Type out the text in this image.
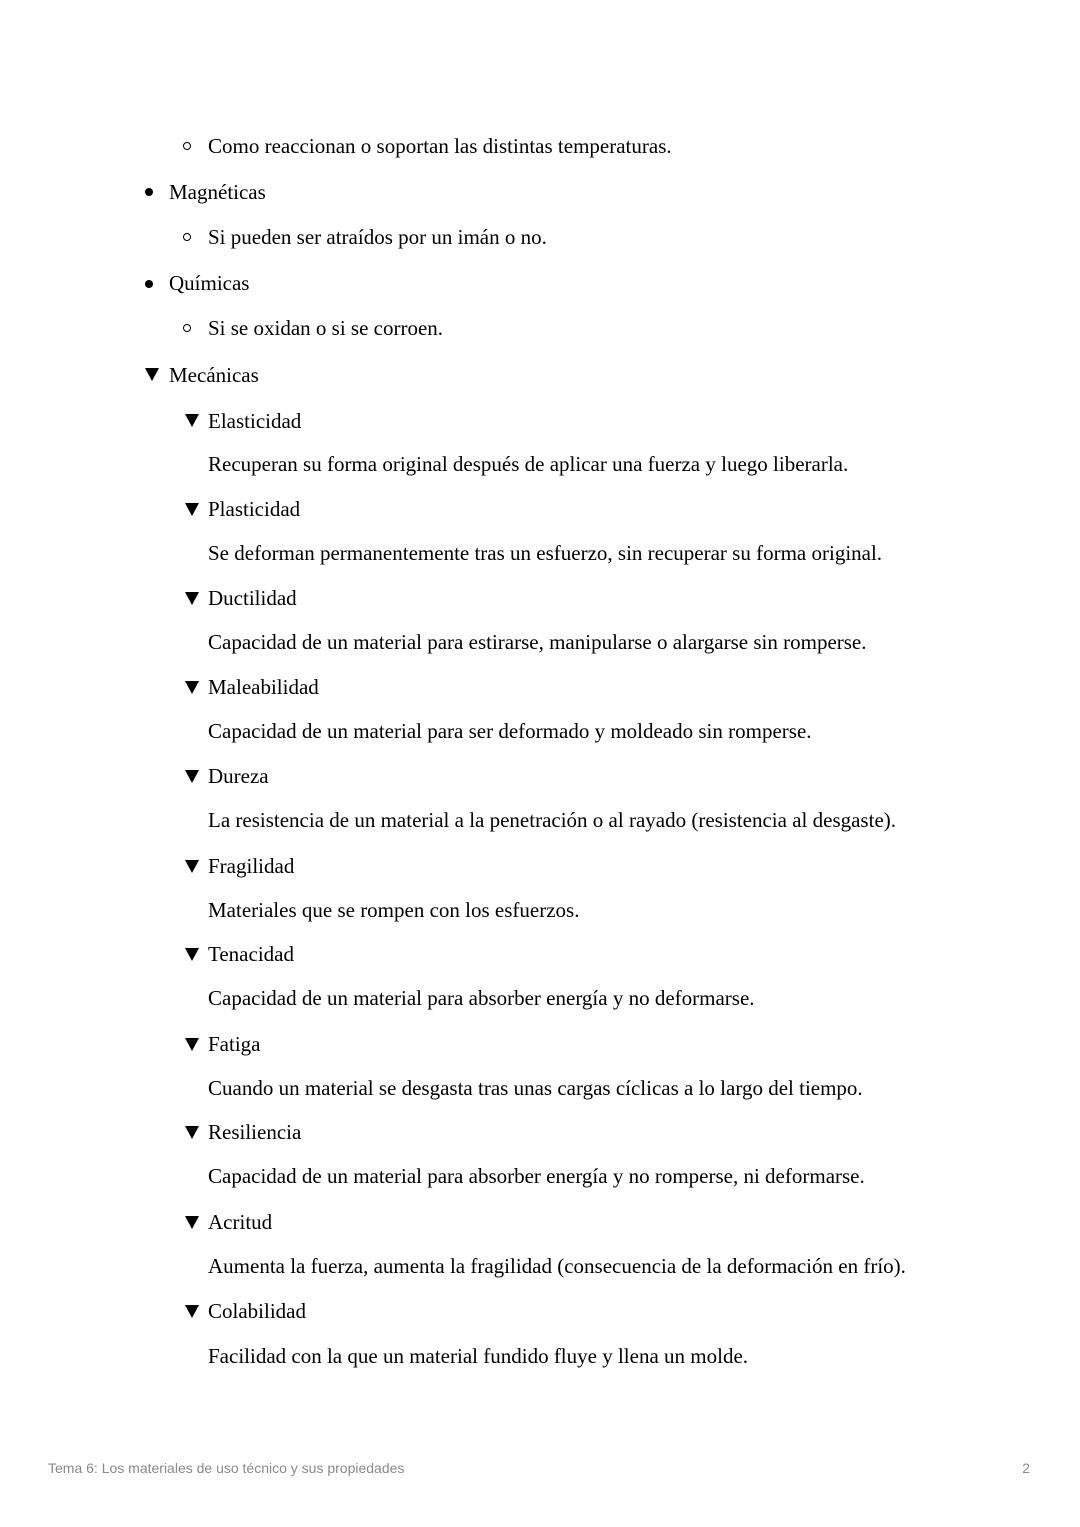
Como reaccionan o soportan las distintas temperaturas.
Magnéticas
Si pueden ser atraídos por un imán o no.
Químicas
Si se oxidan o si se corroen.
Mecánicas
Elasticidad
Recuperan su forma original después de aplicar una fuerza y luego liberarla.
Plasticidad
Se deforman permanentemente tras un esfuerzo, sin recuperar su forma original.
Ductilidad
Capacidad de un material para estirarse, manipularse o alargarse sin romperse.
Maleabilidad
Capacidad de un material para ser deformado y moldeado sin romperse.
Dureza
La resistencia de un material a la penetración o al rayado (resistencia al desgaste).
Fragilidad
Materiales que se rompen con los esfuerzos.
Tenacidad
Capacidad de un material para absorber energía y no deformarse.
Fatiga
Cuando un material se desgasta tras unas cargas cíclicas a lo largo del tiempo.
Resiliencia
Capacidad de un material para absorber energía y no romperse, ni deformarse.
Acritud
Aumenta la fuerza, aumenta la fragilidad (consecuencia de la deformación en frío).
Colabilidad
Facilidad con la que un material fundido fluye y llena un molde.
Tema 6: Los materiales de uso técnico y sus propiedades	2
